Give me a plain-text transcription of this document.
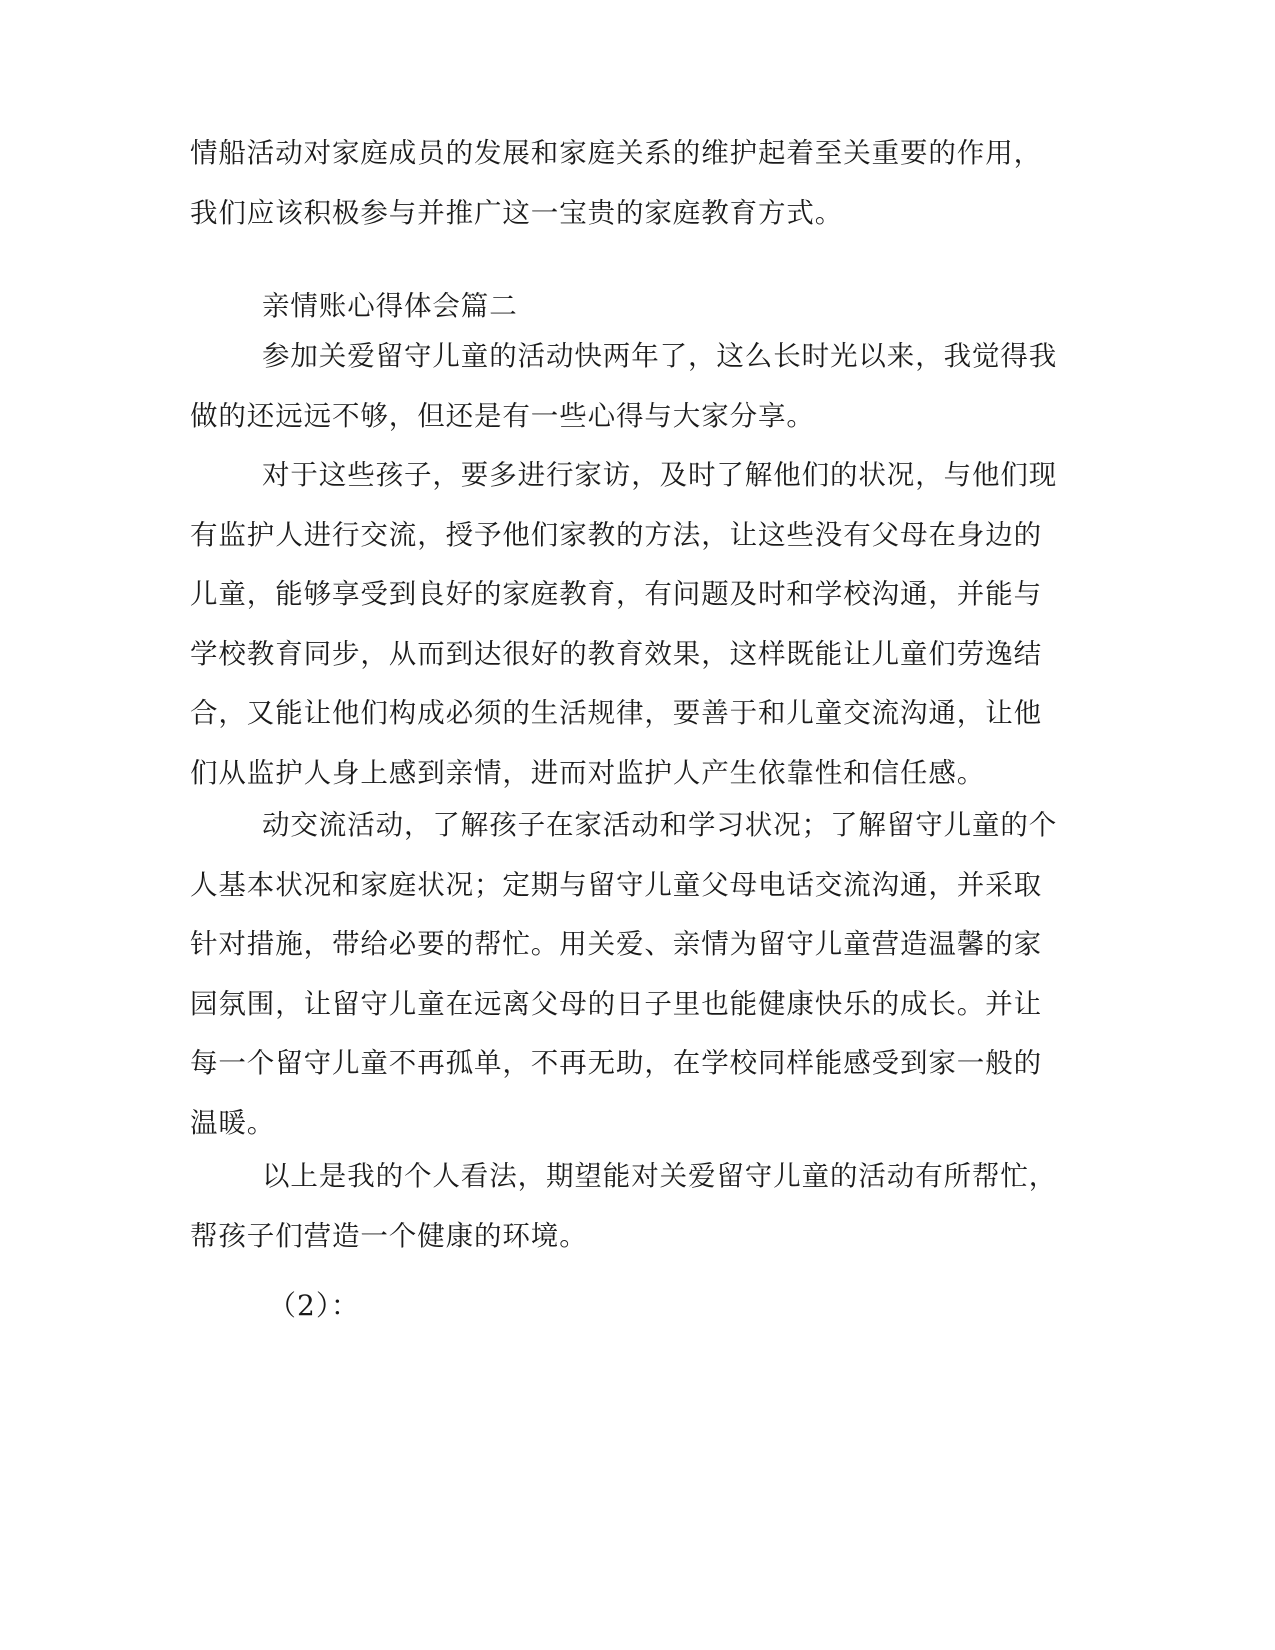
情船活动对家庭成员的发展和家庭关系的维护起着至关重要的作用，
我们应该积极参与并推广这一宝贵的家庭教育方式。
亲情账心得体会篇二
参加关爱留守儿童的活动快两年了，这么长时光以来，我觉得我
做的还远远不够，但还是有一些心得与大家分享。
对于这些孩子，要多进行家访，及时了解他们的状况，与他们现
有监护人进行交流，授予他们家教的方法，让这些没有父母在身边的
儿童，能够享受到良好的家庭教育，有问题及时和学校沟通，并能与
学校教育同步，从而到达很好的教育效果，这样既能让儿童们劳逸结
合，又能让他们构成必须的生活规律，要善于和儿童交流沟通，让他
们从监护人身上感到亲情，进而对监护人产生依靠性和信任感。
动交流活动，了解孩子在家活动和学习状况；了解留守儿童的个
人基本状况和家庭状况；定期与留守儿童父母电话交流沟通，并采取
针对措施，带给必要的帮忙。用关爱、亲情为留守儿童营造温馨的家
园氛围，让留守儿童在远离父母的日子里也能健康快乐的成长。并让
每一个留守儿童不再孤单，不再无助，在学校同样能感受到家一般的
温暖。
以上是我的个人看法，期望能对关爱留守儿童的活动有所帮忙，
帮孩子们营造一个健康的环境。
（2）：
